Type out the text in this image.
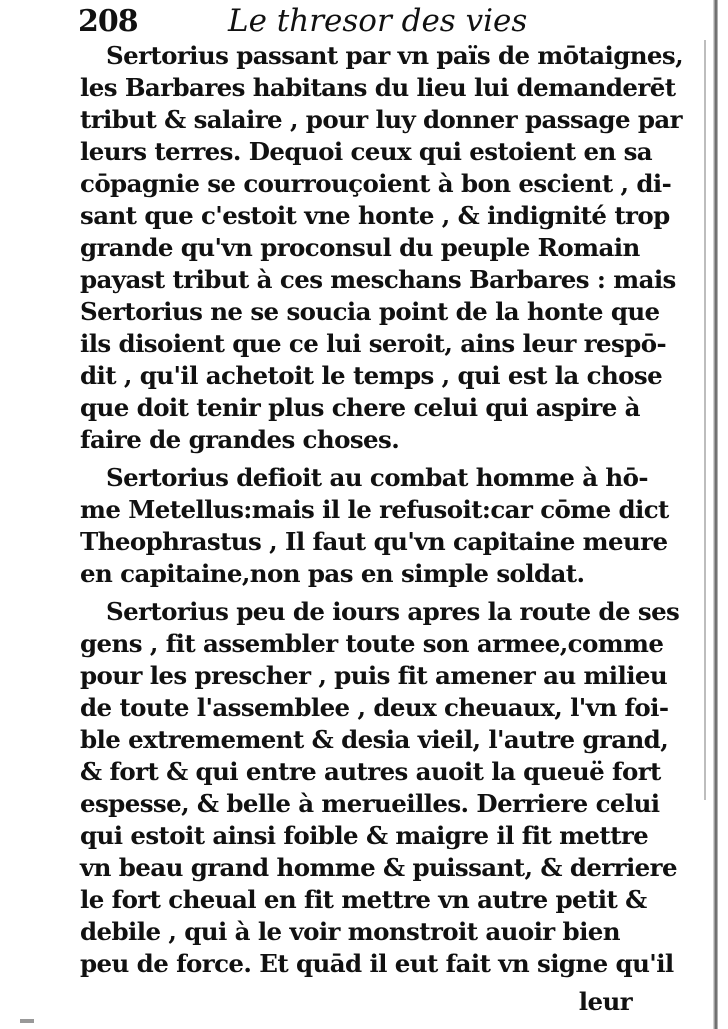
208	Le thresor des vies
Sertorius passant par vn païs de mōtaignes,
les Barbares habitans du lieu lui demanderēt
tribut & salaire , pour luy donner passage par
leurs terres. Dequoi ceux qui estoient en sa
cōpagnie se courrouçoient à bon escient , di-
sant que c'estoit vne honte , & indignité trop
grande qu'vn proconsul du peuple Romain
payast tribut à ces meschans Barbares : mais
Sertorius ne se soucia point de la honte que
ils disoient que ce lui seroit, ains leur respō-
dit , qu'il achetoit le temps , qui est la chose
que doit tenir plus chere celui qui aspire à
faire de grandes choses.
Sertorius defioit au combat homme à hō-
me Metellus:mais il le refusoit:car cōme dict
Theophrastus , Il faut qu'vn capitaine meure
en capitaine,non pas en simple soldat.
Sertorius peu de iours apres la route de ses
gens , fit assembler toute son armee,comme
pour les prescher , puis fit amener au milieu
de toute l'assemblee , deux cheuaux, l'vn foi-
ble extremement & desia vieil, l'autre grand,
& fort & qui entre autres auoit la queuë fort
espesse, & belle à merueilles. Derriere celui
qui estoit ainsi foible & maigre il fit mettre
vn beau grand homme & puissant, & derriere
le fort cheual en fit mettre vn autre petit &
debile , qui à le voir monstroit auoir bien
peu de force. Et quād il eut fait vn signe qu'il
leur
